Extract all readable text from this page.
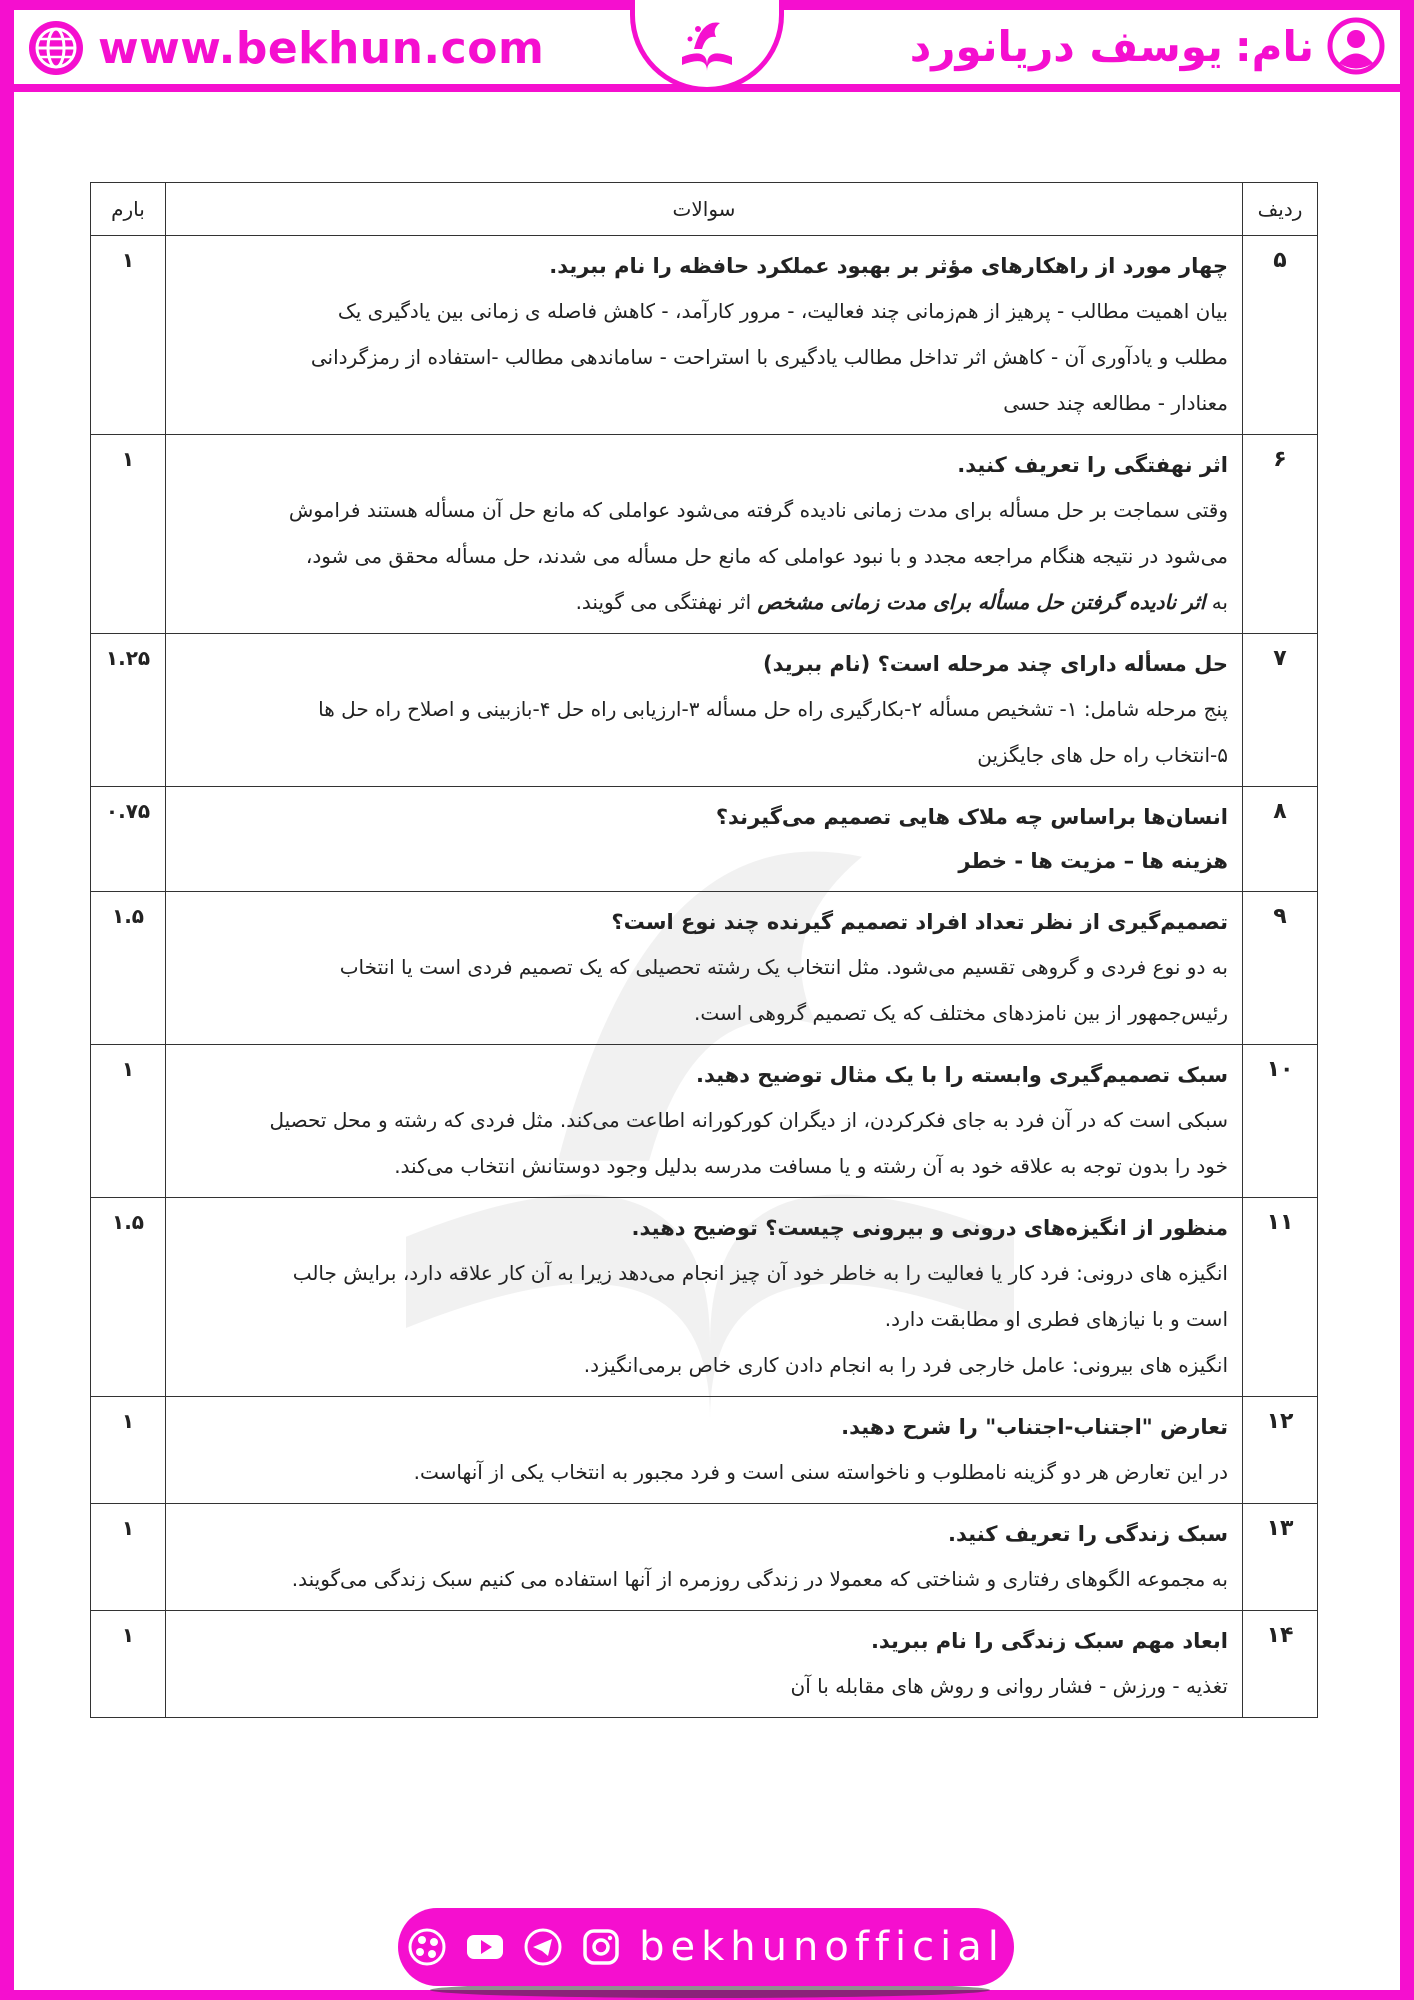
www.bekhun.com	نام:
یوسف دریانورد
ردیف	سوالات	بارم
۵	چهار مورد از راهکارهای مؤثر بر بهبود عملکرد حافظه را نام ببرید.
بیان اهمیت مطالب - پرهیز از هم‌زمانی چند فعالیت، - مرور کارآمد، - کاهش فاصله ی زمانی بین یادگیری یک
مطلب و یادآوری آن - کاهش اثر تداخل مطالب یادگیری با استراحت - ساماندهی مطالب -استفاده از رمزگردانی
معنادار - مطالعه چند حسی	۱
۶	اثر نهفتگی را تعریف کنید.
وقتی سماجت بر حل مسأله برای مدت زمانی نادیده گرفته می‌شود عواملی که مانع حل آن مسأله هستند فراموش
می‌شود در نتیجه هنگام مراجعه مجدد و با نبود عواملی که مانع حل مسأله می شدند، حل مسأله محقق می شود،
به اثر نادیده گرفتن حل مسأله برای مدت زمانی مشخص اثر نهفتگی می گویند.	۱
۷	حل مسأله دارای چند مرحله است؟ (نام ببرید)
پنج مرحله شامل: ۱- تشخیص مسأله ۲-بکارگیری راه حل مسأله ۳-ارزیابی راه حل ۴-بازبینی و اصلاح راه حل ها
۵-انتخاب راه حل های جایگزین	۱.۲۵
۸	انسان‌ها براساس چه ملاک هایی تصمیم می‌گیرند؟
هزینه ها – مزیت ها - خطر	۰.۷۵
۹	تصمیم‌گیری از نظر تعداد افراد تصمیم گیرنده چند نوع است؟
به دو نوع فردی و گروهی تقسیم می‌شود. مثل انتخاب یک رشته تحصیلی که یک تصمیم فردی است یا انتخاب
رئیس‌جمهور از بین نامزدهای مختلف که یک تصمیم گروهی است.	۱.۵
۱۰	سبک تصمیم‌گیری وابسته را با یک مثال توضیح دهید.
سبکی است که در آن فرد به جای فکرکردن، از دیگران کورکورانه اطاعت می‌کند. مثل فردی که رشته و محل تحصیل
خود را بدون توجه به علاقه خود به آن رشته و یا مسافت مدرسه بدلیل وجود دوستانش انتخاب می‌کند.	۱
۱۱	منظور از انگیزه‌های درونی و بیرونی چیست؟ توضیح دهید.
انگیزه های درونی: فرد کار یا فعالیت را به خاطر خود آن چیز انجام می‌دهد زیرا به آن کار علاقه دارد، برایش جالب
است و با نیازهای فطری او مطابقت دارد.
انگیزه های بیرونی: عامل خارجی فرد را به انجام دادن کاری خاص برمی‌انگیزد.	۱.۵
۱۲	تعارض "اجتناب-اجتناب" را شرح دهید.
در این تعارض هر دو گزینه نامطلوب و ناخواسته سنی است و فرد مجبور به انتخاب یکی از آنهاست.	۱
۱۳	سبک زندگی را تعریف کنید.
به مجموعه الگوهای رفتاری و شناختی که معمولا در زندگی روزمره از آنها استفاده می کنیم سبک زندگی می‌گویند.	۱
۱۴	ابعاد مهم سبک زندگی را نام ببرید.
تغذیه - ورزش - فشار روانی و روش های مقابله با آن	۱
bekhunofficial
